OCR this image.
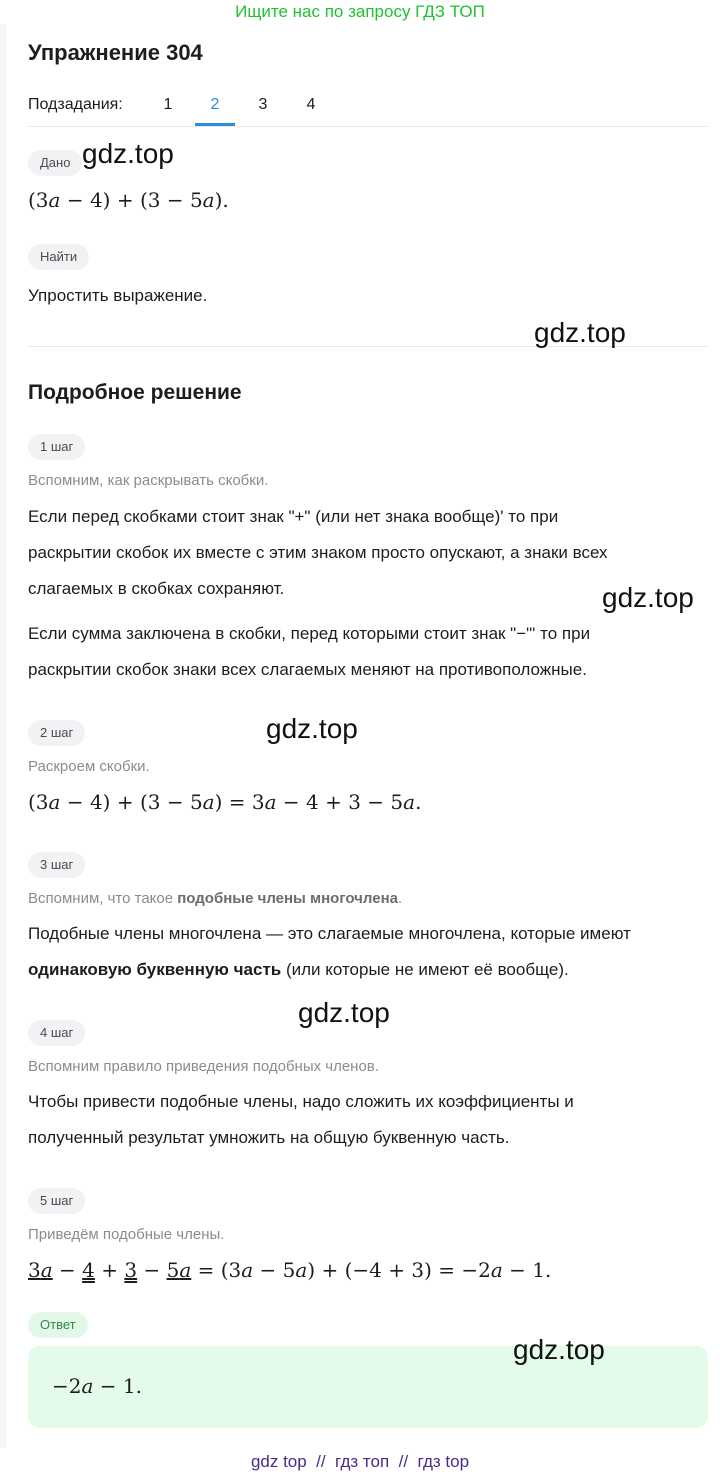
Ищите нас по запросу ГДЗ ТОП
Упражнение 304
Подзадания:	1	2	3	4
Дано
(3a − 4) + (3 − 5a).
Найти
Упростить выражение.
Подробное решение
1 шаг
Вспомним, как раскрывать скобки.
Если перед скобками стоит знак "+" (или нет знака вообще)' то при
раскрытии скобок их вместе с этим знаком просто опускают, а знаки всех
слагаемых в скобках сохраняют.
Если сумма заключена в скобки, перед которыми стоит знак "−"' то при
раскрытии скобок знаки всех слагаемых меняют на противоположные.
2 шаг
Раскроем скобки.
(3a − 4) + (3 − 5a) = 3a − 4 + 3 − 5a.
3 шаг
Вспомним, что такое подобные члены многочлена.
Подобные члены многочлена — это слагаемые многочлена, которые имеют
одинаковую буквенную часть (или которые не имеют её вообще).
4 шаг
Вспомним правило приведения подобных членов.
Чтобы привести подобные члены, надо сложить их коэффициенты и
полученный результат умножить на общую буквенную часть.
5 шаг
Приведём подобные члены.
3a − 4 + 3 − 5a = (3a − 5a) + (−4 + 3) = −2a − 1.
Ответ
−2a − 1.
gdz.top
gdz.top
gdz.top
gdz.top
gdz.top
gdz.top
gdz top  //  гдз топ  //  гдз top
